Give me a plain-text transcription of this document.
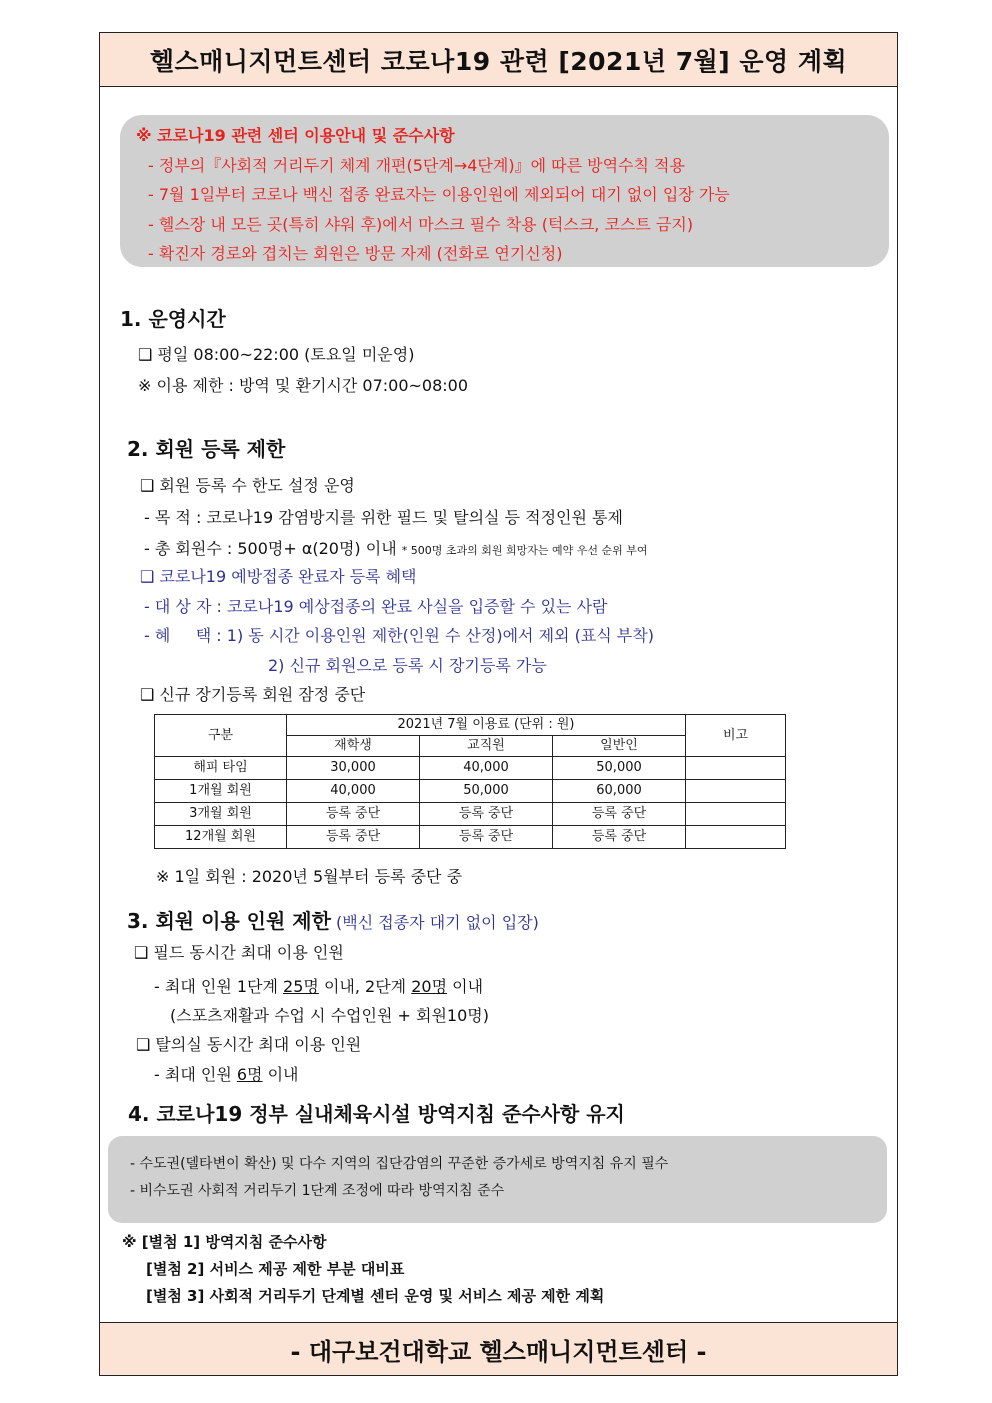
헬스매니지먼트센터 코로나19 관련 [2021년 7월] 운영 계획
※ 코로나19 관련 센터 이용안내 및 준수사항
- 정부의『사회적 거리두기 체계 개편(5단계→4단계)』에 따른 방역수칙 적용
- 7월 1일부터 코로나 백신 접종 완료자는 이용인원에 제외되어 대기 없이 입장 가능
- 헬스장 내 모든 곳(특히 샤워 후)에서 마스크 필수 착용 (턱스크, 코스트 금지)
- 확진자 경로와 겹치는 회원은 방문 자제 (전화로 연기신청)
1. 운영시간
❑ 평일 08:00~22:00 (토요일 미운영)
※ 이용 제한 : 방역 및 환기시간 07:00~08:00
2. 회원 등록 제한
❑ 회원 등록 수 한도 설정 운영
- 목 적 : 코로나19 감염방지를 위한 필드 및 탈의실 등 적정인원 통제
- 총 회원수 : 500명+ α(20명) 이내 * 500명 초과의 회원 희망자는 예약 우선 순위 부여
❑ 코로나19 예방접종 완료자 등록 혜택
- 대 상 자 : 코로나19 예상접종의 완료 사실을 입증할 수 있는 사람
- 혜     택 : 1) 동 시간 이용인원 제한(인원 수 산정)에서 제외 (표식 부착)
2) 신규 회원으로 등록 시 장기등록 가능
❑ 신규 장기등록 회원 잠정 중단
구분	2021년 7월 이용료 (단위 : 원)			비고
	재학생	교직원	일반인	
해피 타임	30,000	40,000	50,000	
1개월 회원	40,000	50,000	60,000	
3개월 회원	등록 중단	등록 중단	등록 중단	
12개월 회원	등록 중단	등록 중단	등록 중단	
※ 1일 회원 : 2020년 5월부터 등록 중단 중
3. 회원 이용 인원 제한 (백신 접종자 대기 없이 입장)
❑ 필드 동시간 최대 이용 인원
- 최대 인원 1단계 25명 이내, 2단계 20명 이내
(스포츠재활과 수업 시 수업인원 + 회원10명)
❑ 탈의실 동시간 최대 이용 인원
- 최대 인원 6명 이내
4. 코로나19 정부 실내체육시설 방역지침 준수사항 유지
- 수도권(델타변이 확산) 및 다수 지역의 집단감염의 꾸준한 증가세로 방역지침 유지 필수
- 비수도권 사회적 거리두기 1단계 조정에 따라 방역지침 준수
※ [별첨 1] 방역지침 준수사항
[별첨 2] 서비스 제공 제한 부분 대비표
[별첨 3] 사회적 거리두기 단계별 센터 운영 및 서비스 제공 제한 계획
- 대구보건대학교 헬스매니지먼트센터 -
